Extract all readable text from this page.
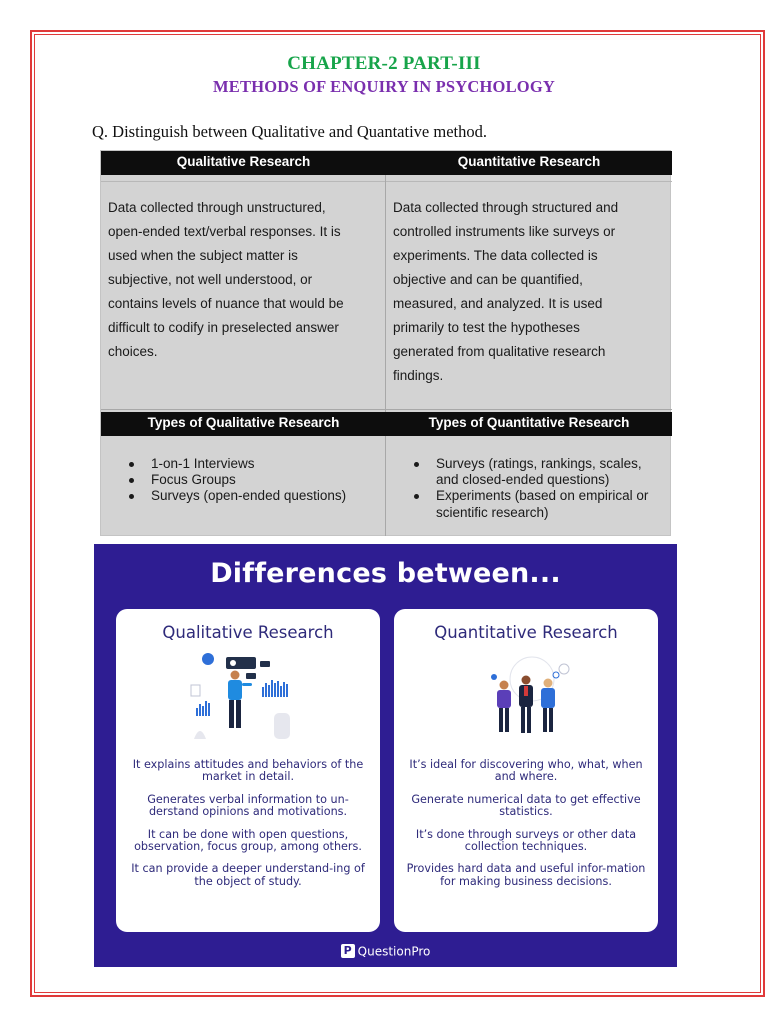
CHAPTER-2 PART-III
METHODS OF ENQUIRY IN PSYCHOLOGY
Q. Distinguish between Qualitative and Quantative method.
Qualitative Research	Quantitative Research
Data collected through unstructured,
open-ended text/verbal responses. It is
used when the subject matter is
subjective, not well understood, or
contains levels of nuance that would be
difficult to codify in preselected answer
choices.
Data collected through structured and
controlled instruments like surveys or
experiments. The data collected is
objective and can be quantified,
measured, and analyzed. It is used
primarily to test the hypotheses
generated from qualitative research
findings.
Types of Qualitative Research	Types of Quantitative Research
1-on-1 Interviews
Focus Groups
Surveys (open-ended questions)
Surveys (ratings, rankings, scales, and closed-ended questions)
Experiments (based on empirical or scientific research)
Differences between...
Qualitative Research

It explains attitudes and behaviors of the market in detail.

Generates verbal information to un-derstand opinions and motivations.

It can be done with open questions, observation, focus group, among others.

It can provide a deeper understand-ing of the object of study.

Quantitative Research

It’s ideal for discovering who, what, when and where.

Generate numerical data to get effective statistics.

It’s done through surveys or other data collection techniques.

Provides hard data and useful infor-mation for making business decisions.

P QuestionPro
